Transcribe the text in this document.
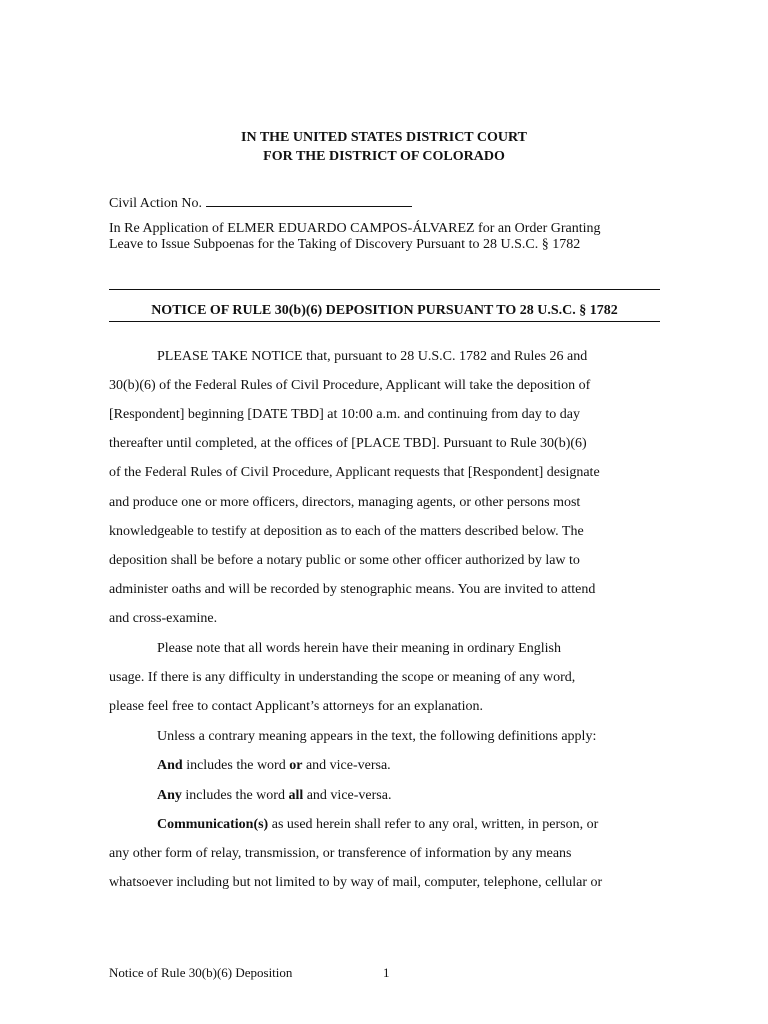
IN THE UNITED STATES DISTRICT COURT
FOR THE DISTRICT OF COLORADO
Civil Action No.
In Re Application of ELMER EDUARDO CAMPOS-ÁLVAREZ for an Order Granting
Leave to Issue Subpoenas for the Taking of Discovery Pursuant to 28 U.S.C. § 1782
NOTICE OF RULE 30(b)(6) DEPOSITION PURSUANT TO 28 U.S.C. § 1782
PLEASE TAKE NOTICE that, pursuant to 28 U.S.C. 1782 and Rules 26 and
30(b)(6) of the Federal Rules of Civil Procedure, Applicant will take the deposition of
[Respondent] beginning [DATE TBD] at 10:00 a.m. and continuing from day to day
thereafter until completed, at the offices of [PLACE TBD]. Pursuant to Rule 30(b)(6)
of the Federal Rules of Civil Procedure, Applicant requests that [Respondent] designate
and produce one or more officers, directors, managing agents, or other persons most
knowledgeable to testify at deposition as to each of the matters described below. The
deposition shall be before a notary public or some other officer authorized by law to
administer oaths and will be recorded by stenographic means. You are invited to attend
and cross-examine.
Please note that all words herein have their meaning in ordinary English
usage. If there is any difficulty in understanding the scope or meaning of any word,
please feel free to contact Applicant’s attorneys for an explanation.
Unless a contrary meaning appears in the text, the following definitions apply:
And includes the word or and vice-versa.
Any includes the word all and vice-versa.
Communication(s) as used herein shall refer to any oral, written, in person, or
any other form of relay, transmission, or transference of information by any means
whatsoever including but not limited to by way of mail, computer, telephone, cellular or
Notice of Rule 30(b)(6) Deposition	1
